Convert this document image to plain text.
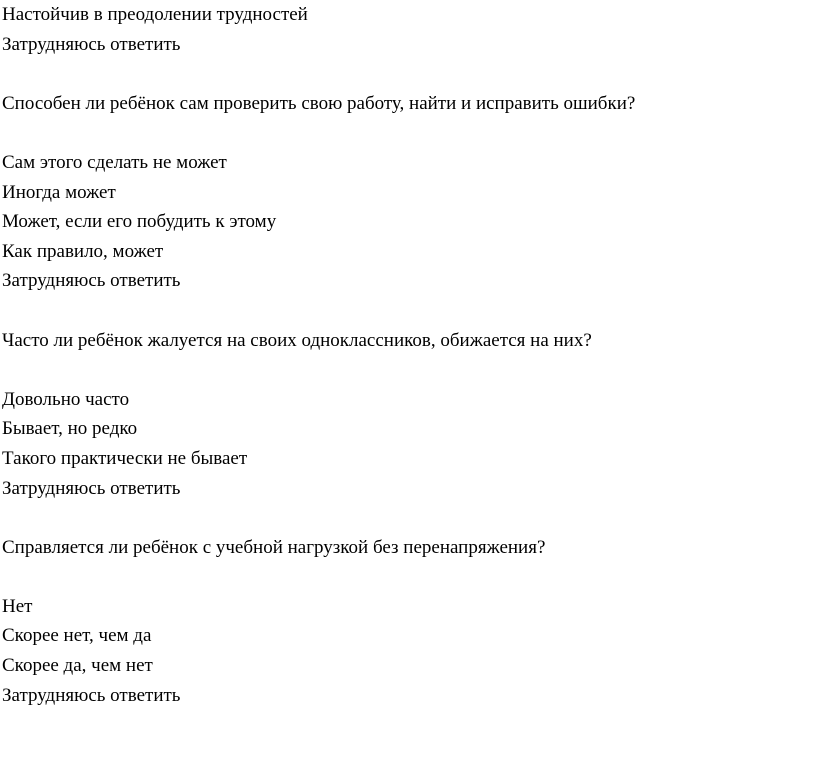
Настойчив в преодолении трудностей
Затрудняюсь ответить
Способен ли ребёнок сам проверить свою работу, найти и исправить ошибки?
Сам этого сделать не может
Иногда может
Может, если его побудить к этому
Как правило, может
Затрудняюсь ответить
Часто ли ребёнок жалуется на своих одноклассников, обижается на них?
Довольно часто
Бывает, но редко
Такого практически не бывает
Затрудняюсь ответить
Справляется ли ребёнок с учебной нагрузкой без перенапряжения?
Нет
Скорее нет, чем да
Скорее да, чем нет
Затрудняюсь ответить
